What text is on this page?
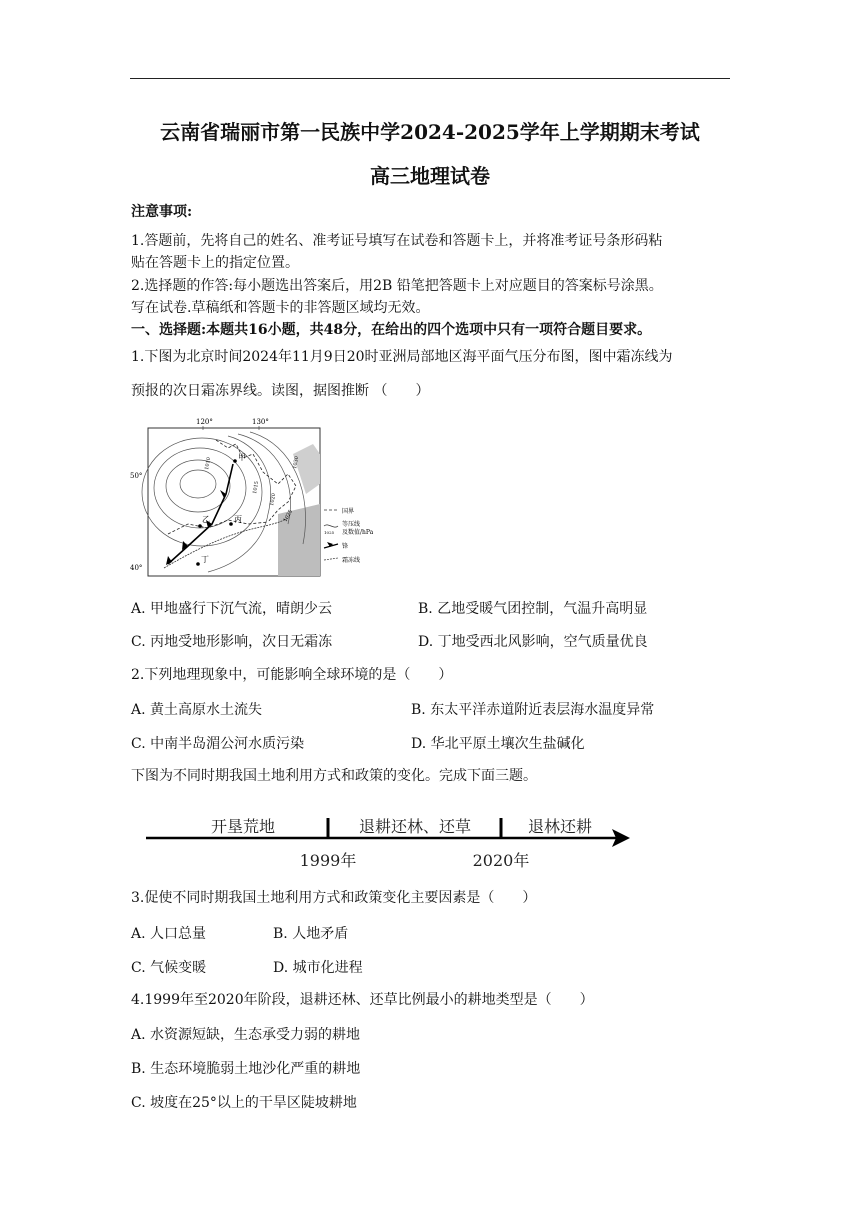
云南省瑞丽市第一民族中学2024-2025学年上学期期末考试
高三地理试卷
注意事项:
1.答题前，先将自己的姓名、准考证号填写在试卷和答题卡上，并将准考证号条形码粘
贴在答题卡上的指定位置。
2.选择题的作答:每小题选出答案后，用2B 铅笔把答题卡上对应题目的答案标号涂黑。
写在试卷.草稿纸和答题卡的非答题区域均无效。
一、选择题:本题共16小题，共48分，在给出的四个选项中只有一项符合题目要求。
1.下图为北京时间2024年11月9日20时亚洲局部地区海平面气压分布图，图中霜冻线为
预报的次日霜冻界线。读图，据图推断 （　　）
甲
乙	丙
丁
1010
1015
1020
1025
1030
120°	130°
50°
40°
国界
等压线
及数值/hPa
1025
锋
霜冻线
A. 甲地盛行下沉气流，晴朗少云	B. 乙地受暖气团控制，气温升高明显
C. 丙地受地形影响，次日无霜冻	D. 丁地受西北风影响，空气质量优良
2.下列地理现象中，可能影响全球环境的是（　　）
A. 黄土高原水土流失	B. 东太平洋赤道附近表层海水温度异常
C. 中南半岛湄公河水质污染	D. 华北平原土壤次生盐碱化
下图为不同时期我国土地利用方式和政策的变化。完成下面三题。
开垦荒地	退耕还林、还草	退林还耕
1999年	2020年
3.促使不同时期我国土地利用方式和政策变化主要因素是（　　）
A. 人口总量	B. 人地矛盾
C. 气候变暖	D. 城市化进程
4.1999年至2020年阶段，退耕还林、还草比例最小的耕地类型是（　　）
A. 水资源短缺，生态承受力弱的耕地
B. 生态环境脆弱土地沙化严重的耕地
C. 坡度在25°以上的干旱区陡坡耕地
